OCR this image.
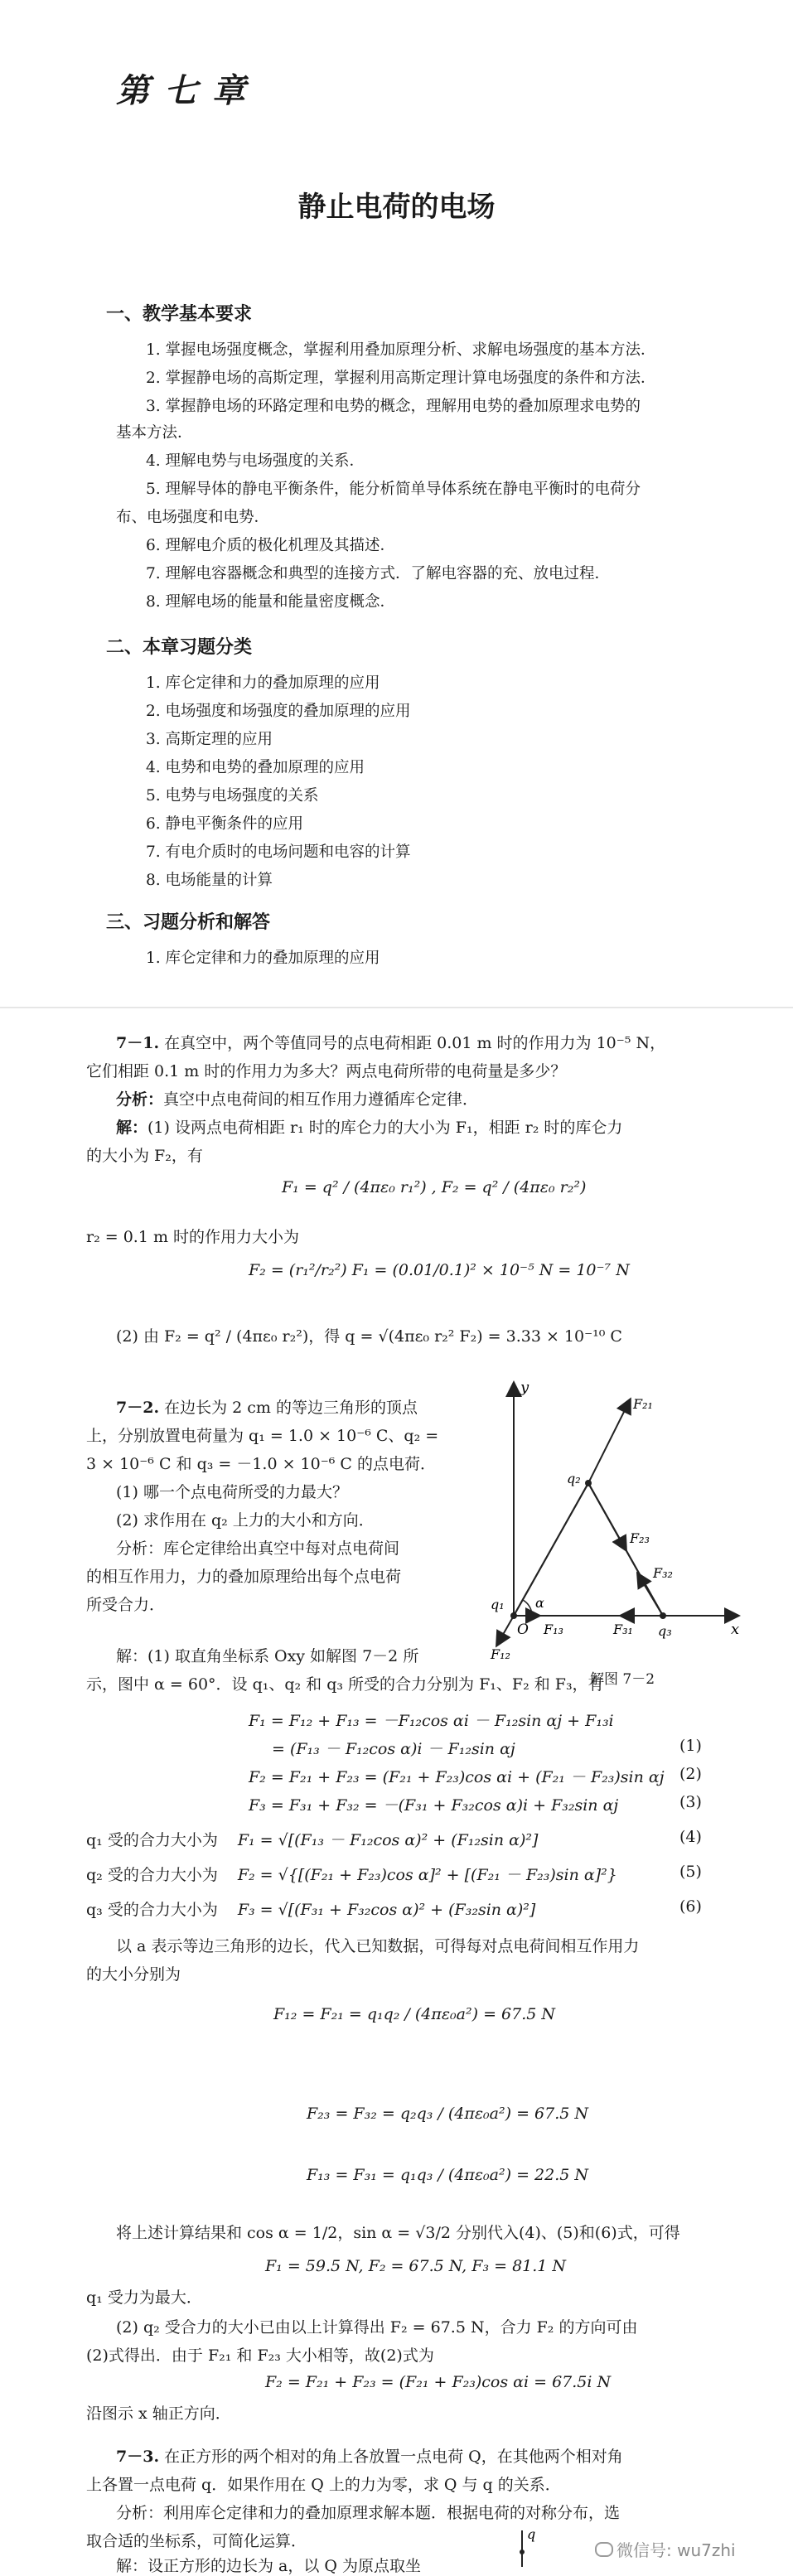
第七章
静止电荷的电场
一、教学基本要求
1. 掌握电场强度概念，掌握利用叠加原理分析、求解电场强度的基本方法．
2. 掌握静电场的高斯定理，掌握利用高斯定理计算电场强度的条件和方法．
3. 掌握静电场的环路定理和电势的概念，理解用电势的叠加原理求电势的
基本方法．
4. 理解电势与电场强度的关系．
5. 理解导体的静电平衡条件，能分析简单导体系统在静电平衡时的电荷分
布、电场强度和电势．
6. 理解电介质的极化机理及其描述．
7. 理解电容器概念和典型的连接方式．了解电容器的充、放电过程．
8. 理解电场的能量和能量密度概念．
二、本章习题分类
1. 库仑定律和力的叠加原理的应用
2. 电场强度和场强度的叠加原理的应用
3. 高斯定理的应用
4. 电势和电势的叠加原理的应用
5. 电势与电场强度的关系
6. 静电平衡条件的应用
7. 有电介质时的电场问题和电容的计算
8. 电场能量的计算
三、习题分析和解答
1. 库仑定律和力的叠加原理的应用
7－1. 在真空中，两个等值同号的点电荷相距 0.01 m 时的作用力为 10⁻⁵ N，
它们相距 0.1 m 时的作用力为多大？两点电荷所带的电荷量是多少？
分析：真空中点电荷间的相互作用力遵循库仑定律．
解：(1) 设两点电荷相距 r₁ 时的库仑力的大小为 F₁，相距 r₂ 时的库仑力
的大小为 F₂，有
F₁ = q² / (4πε₀ r₁²) , F₂ = q² / (4πε₀ r₂²)
r₂ = 0.1 m 时的作用力大小为
F₂ = (r₁²/r₂²) F₁ = (0.01/0.1)² × 10⁻⁵ N = 10⁻⁷ N
(2) 由 F₂ = q² / (4πε₀ r₂²)，得 q = √(4πε₀ r₂² F₂) = 3.33 × 10⁻¹⁰ C
7－2. 在边长为 2 cm 的等边三角形的顶点
上，分别放置电荷量为 q₁ = 1.0 × 10⁻⁶ C、q₂ =
3 × 10⁻⁶ C 和 q₃ = －1.0 × 10⁻⁶ C 的点电荷．
(1) 哪一个点电荷所受的力最大？
(2) 求作用在 q₂ 上力的大小和方向．
分析：库仑定律给出真空中每对点电荷间
的相互作用力，力的叠加原理给出每个点电荷
所受合力．
解：(1) 取直角坐标系 Oxy 如解图 7－2 所
示，图中 α = 60°．设 q₁、q₂ 和 q₃ 所受的合力分别为 F₁、F₂ 和 F₃，有
y
x
O
q₁
q₂
q₃
α
F₂₁
F₂₃
F₃₂
F₃₁
F₁₃
F₁₂
解图 7－2
F₁ = F₁₂ + F₁₃ = －F₁₂cos αi － F₁₂sin αj + F₁₃i
= (F₁₃ － F₁₂cos α)i － F₁₂sin αj	(1)
F₂ = F₂₁ + F₂₃ = (F₂₁ + F₂₃)cos αi + (F₂₁ － F₂₃)sin αj (2)
F₃ = F₃₁ + F₃₂ = －(F₃₁ + F₃₂cos α)i + F₃₂sin αj	(3)
q₁ 受的合力大小为 F₁ = √[(F₁₃ － F₁₂cos α)² + (F₁₂sin α)²]	(4)
q₂ 受的合力大小为 F₂ = √{[(F₂₁ + F₂₃)cos α]² + [(F₂₁ － F₂₃)sin α]²}	(5)
q₃ 受的合力大小为 F₃ = √[(F₃₁ + F₃₂cos α)² + (F₃₂sin α)²]	(6)
以 a 表示等边三角形的边长，代入已知数据，可得每对点电荷间相互作用力
的大小分别为
F₁₂ = F₂₁ = q₁q₂ / (4πε₀a²) = 67.5 N
F₂₃ = F₃₂ = q₂q₃ / (4πε₀a²) = 67.5 N
F₁₃ = F₃₁ = q₁q₃ / (4πε₀a²) = 22.5 N
将上述计算结果和 cos α = 1/2，sin α = √3/2 分别代入(4)、(5)和(6)式，可得
F₁ = 59.5 N, F₂ = 67.5 N, F₃ = 81.1 N
q₁ 受力为最大．
(2) q₂ 受合力的大小已由以上计算得出 F₂ = 67.5 N，合力 F₂ 的方向可由
(2)式得出．由于 F₂₁ 和 F₂₃ 大小相等，故(2)式为
F₂ = F₂₁ + F₂₃ = (F₂₁ + F₂₃)cos αi = 67.5i N
沿图示 x 轴正方向．
7－3. 在正方形的两个相对的角上各放置一点电荷 Q，在其他两个相对角
上各置一点电荷 q．如果作用在 Q 上的力为零，求 Q 与 q 的关系．
分析：利用库仑定律和力的叠加原理求解本题．根据电荷的对称分布，选
取合适的坐标系，可简化运算．
解：设正方形的边长为 a，以 Q 为原点取坐
q
微信号: wu7zhi
